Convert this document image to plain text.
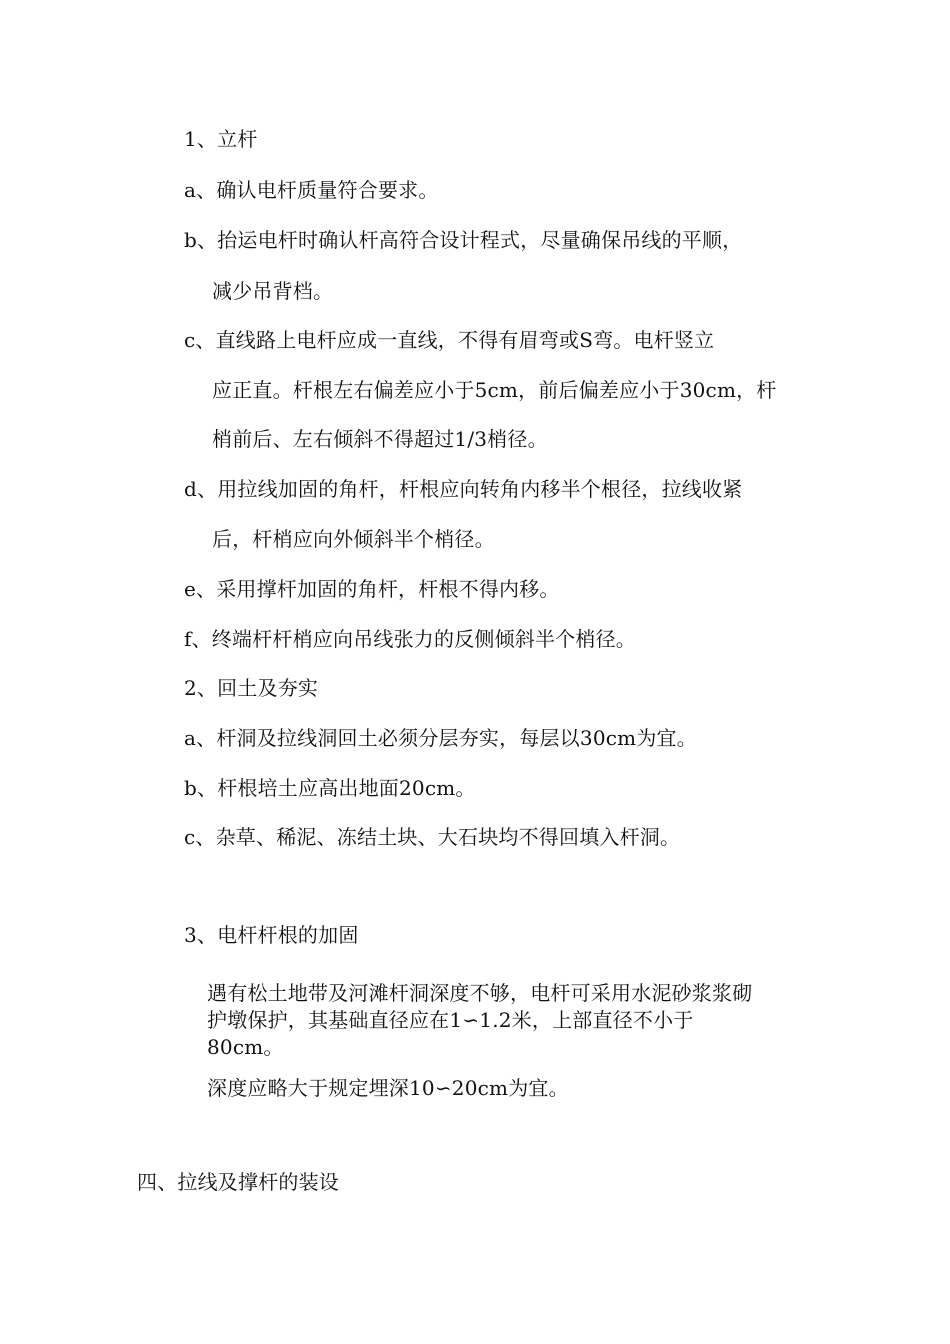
1、立杆
a、确认电杆质量符合要求。
b、抬运电杆时确认杆高符合设计程式，尽量确保吊线的平顺，
减少吊背档。
c、直线路上电杆应成一直线，不得有眉弯或S弯。电杆竖立
应正直。杆根左右偏差应小于5cm，前后偏差应小于30cm，杆
梢前后、左右倾斜不得超过1/3梢径。
d、用拉线加固的角杆，杆根应向转角内移半个根径，拉线收紧
后，杆梢应向外倾斜半个梢径。
e、采用撑杆加固的角杆，杆根不得内移。
f、终端杆杆梢应向吊线张力的反侧倾斜半个梢径。
2、回土及夯实
a、杆洞及拉线洞回土必须分层夯实，每层以30cm为宜。
b、杆根培土应高出地面20cm。
c、杂草、稀泥、冻结土块、大石块均不得回填入杆洞。
3、电杆杆根的加固
遇有松土地带及河滩杆洞深度不够，电杆可采用水泥砂浆浆砌
护墩保护，其基础直径应在1∽1.2米，上部直径不小于
80cm。
深度应略大于规定埋深10∽20cm为宜。
四、拉线及撑杆的装设
